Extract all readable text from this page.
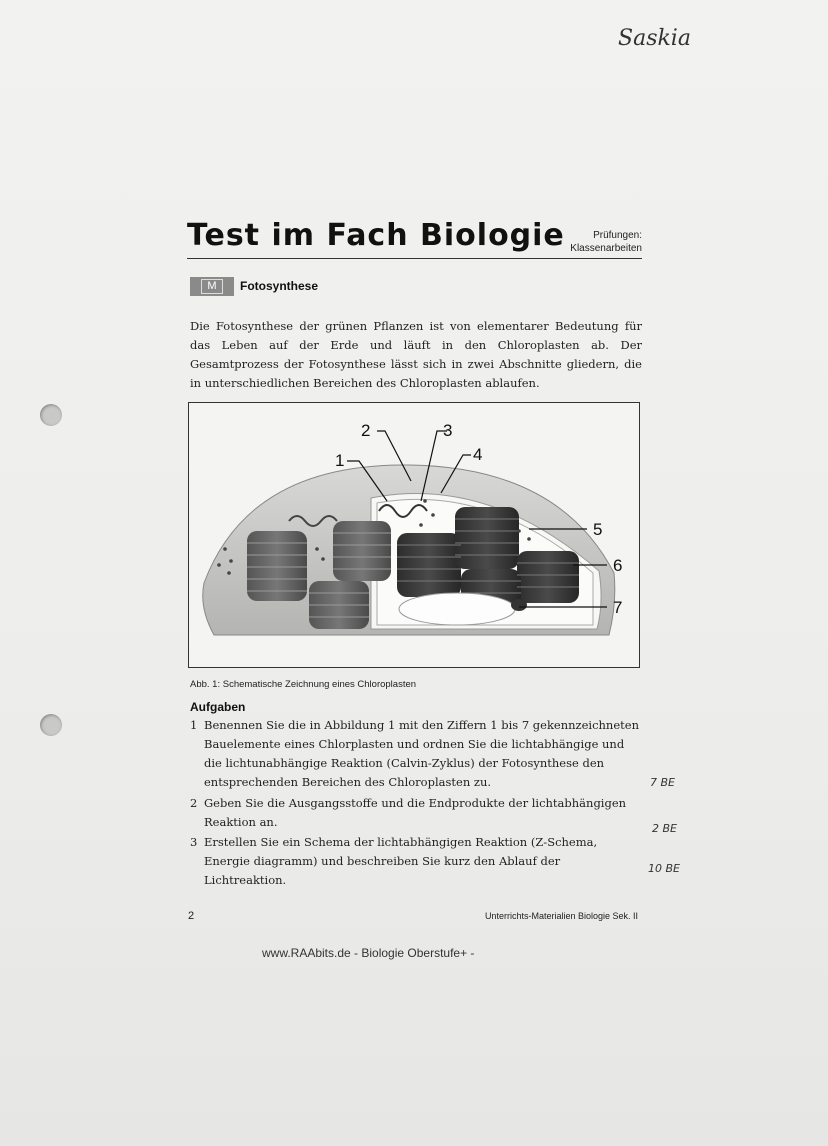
Saskia
Test im Fach Biologie	Prüfungen:
Klassenarbeiten
M	Fotosynthese

Die Fotosynthese der grünen Pflanzen ist von elementarer Bedeutung für das Leben auf der Erde und läuft in den Chloroplasten ab. Der Gesamtprozess der Fotosynthese lässt sich in zwei Abschnitte gliedern, die in unterschiedlichen Bereichen des Chloroplasten ablaufen.

1
2	3
4
5
6
7
Abb. 1: Schematische Zeichnung eines Chloroplasten
Aufgaben
1 Benennen Sie die in Abbildung 1 mit den Ziffern 1 bis 7 gekennzeichneten Bauelemente eines Chlorplasten und ordnen Sie die lichtabhängige und die lichtunabhängige Reaktion (Calvin-Zyklus) der Fotosynthese den entsprechenden Bereichen des Chloroplasten zu.
2 Geben Sie die Ausgangsstoffe und die Endprodukte der lichtabhängigen Reaktion an.
3 Erstellen Sie ein Schema der lichtabhängigen Reaktion (Z-Schema, Energie diagramm) und beschreiben Sie kurz den Ablauf der Lichtreaktion.
7 BE
2 BE
10 BE
2	Unterrichts-Materialien Biologie Sek. II
www.RAAbits.de - Biologie Oberstufe+ -
